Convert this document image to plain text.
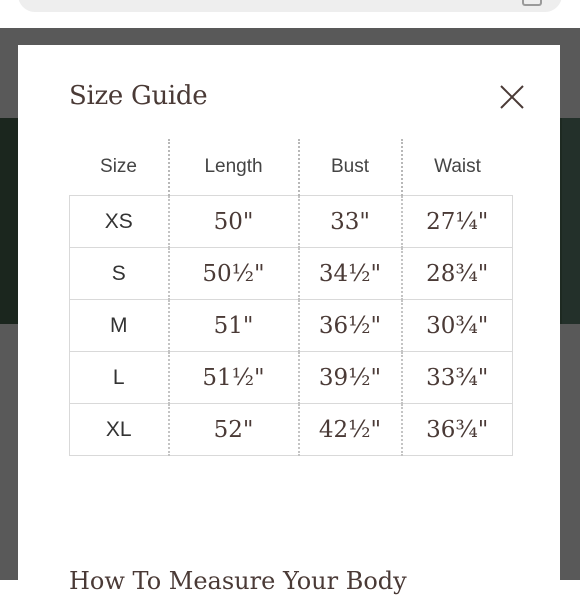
Size Guide
Size	Length	Bust	Waist
XS	50"	33"	27¼"
S	50½"	34½"	28¾"
M	51"	36½"	30¾"
L	51½"	39½"	33¾"
XL	52"	42½"	36¾"
How To Measure Your Body
